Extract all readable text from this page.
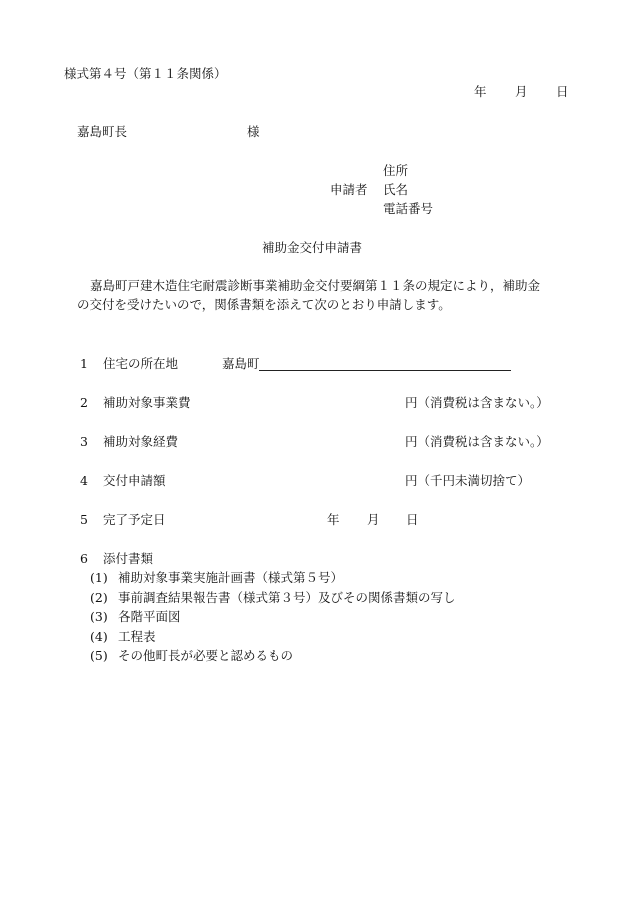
様式第４号（第１１条関係）
年 月 日
嘉島町長	様
住所
申請者 氏名
電話番号
補助金交付申請書
嘉島町戸建木造住宅耐震診断事業補助金交付要綱第１１条の規定により，補助金
の交付を受けたいので，関係書類を添えて次のとおり申請します。
1 住宅の所在地	嘉島町
2 補助対象事業費	円（消費税は含まない。）
3 補助対象経費	円（消費税は含まない。）
4 交付申請額	円（千円未満切捨て）
5 完了予定日	年 月 日
6 添付書類
(1) 補助対象事業実施計画書（様式第５号）
(2) 事前調査結果報告書（様式第３号）及びその関係書類の写し
(3) 各階平面図
(4) 工程表
(5) その他町長が必要と認めるもの
